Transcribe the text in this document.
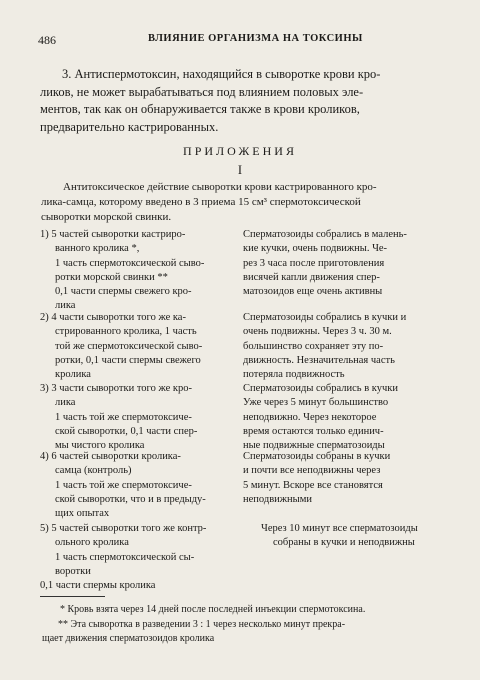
486	ВЛИЯНИЕ ОРГАНИЗМА НА ТОКСИНЫ
3. Антиспермотоксин, находящийся в сыворотке крови кро-
ликов, не может вырабатываться под влиянием половых эле-
ментов, так как он обнаруживается также в крови кроликов,
предварительно кастрированных.
ПРИЛОЖЕНИЯ
I
Антитоксическое действие сыворотки крови кастрированного кро-
лика-самца, которому введено в 3 приема 15 см³ спермотоксической
сыворотки морской свинки.
1) 5 частей сыворотки кастриро-
ванного кролика *,
1 часть спермотоксической сыво-
ротки морской свинки **
0,1 части спермы свежего кро-
лика
Сперматозоиды собрались в малень-
кие кучки, очень подвижны. Че-
рез 3 часа после приготовления
висячей капли движения спер-
матозоидов еще очень активны
2) 4 части сыворотки того же ка-
стрированного кролика, 1 часть
той же спермотоксической сыво-
ротки, 0,1 части спермы свежего
кролика
Сперматозоиды собрались в кучки и
очень подвижны. Через 3 ч. 30 м.
большинство сохраняет эту по-
движность. Незначительная часть
потеряла подвижность
3) 3 части сыворотки того же кро-
лика
1 часть той же спермотоксиче-
ской сыворотки, 0,1 части спер-
мы чистого кролика
Сперматозоиды собрались в кучки
Уже через 5 минут большинство
неподвижно. Через некоторое
время остаются только единич-
ные подвижные сперматозоиды
4) 6 частей сыворотки кролика-
самца (контроль)
1 часть той же спермотоксиче-
ской сыворотки, что и в предыду-
щих опытах
Сперматозоиды собраны в кучки
и почти все неподвижны через
5 минут. Вскоре все становятся
неподвижными
5) 5 частей сыворотки того же контр-
ольного кролика
1 часть спермотоксической сы-
воротки
0,1 части спермы кролика
Через 10 минут все сперматозоиды
собраны в кучки и неподвижны
* Кровь взята через 14 дней после последней инъекции спермотоксина.
** Эта сыворотка в разведении 3 : 1 через несколько минут прекра-
щает движения сперматозоидов кролика
